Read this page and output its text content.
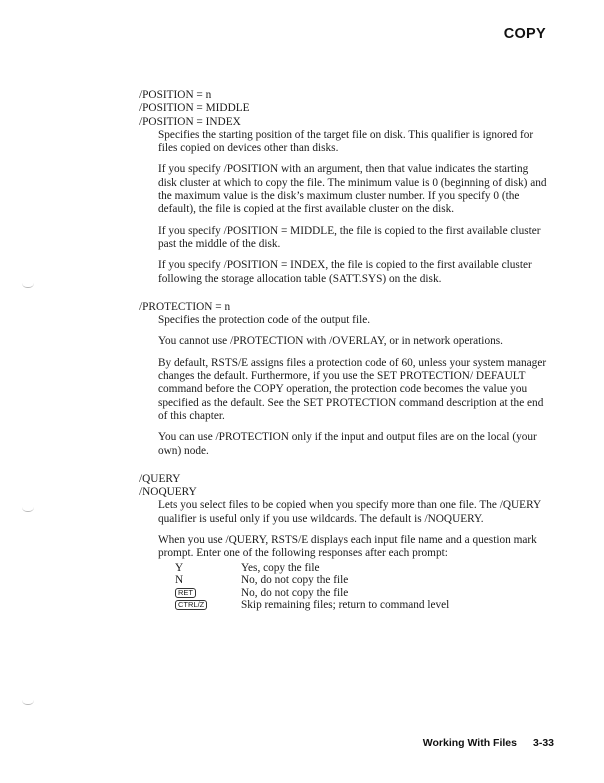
COPY
/POSITION = n
/POSITION = MIDDLE
/POSITION = INDEX

Specifies the starting position of the target file on disk. This qualifier is ignored for files copied on devices other than disks.

If you specify /POSITION with an argument, then that value indicates the starting disk cluster at which to copy the file. The minimum value is 0 (beginning of disk) and the maximum value is the disk’s maximum cluster number. If you specify 0 (the default), the file is copied at the first available cluster on the disk.

If you specify /POSITION = MIDDLE, the file is copied to the first available cluster past the middle of the disk.

If you specify /POSITION = INDEX, the file is copied to the first available cluster following the storage allocation table (SATT.SYS) on the disk.

/PROTECTION = n

Specifies the protection code of the output file.

You cannot use /PROTECTION with /OVERLAY, or in network operations.

By default, RSTS/E assigns files a protection code of 60, unless your system manager changes the default. Furthermore, if you use the SET PROTECTION/ DEFAULT command before the COPY operation, the protection code becomes the value you specified as the default. See the SET PROTECTION command description at the end of this chapter.

You can use /PROTECTION only if the input and output files are on the local (your own) node.

/QUERY
/NOQUERY

Lets you select files to be copied when you specify more than one file. The /QUERY qualifier is useful only if you use wildcards. The default is /NOQUERY.

When you use /QUERY, RSTS/E displays each input file name and a question mark prompt. Enter one of the following responses after each prompt:

Y	Yes, copy the file
N	No, do not copy the file
RET	No, do not copy the file
CTRL/Z	Skip remaining files; return to command level
Working With Files 3-33
